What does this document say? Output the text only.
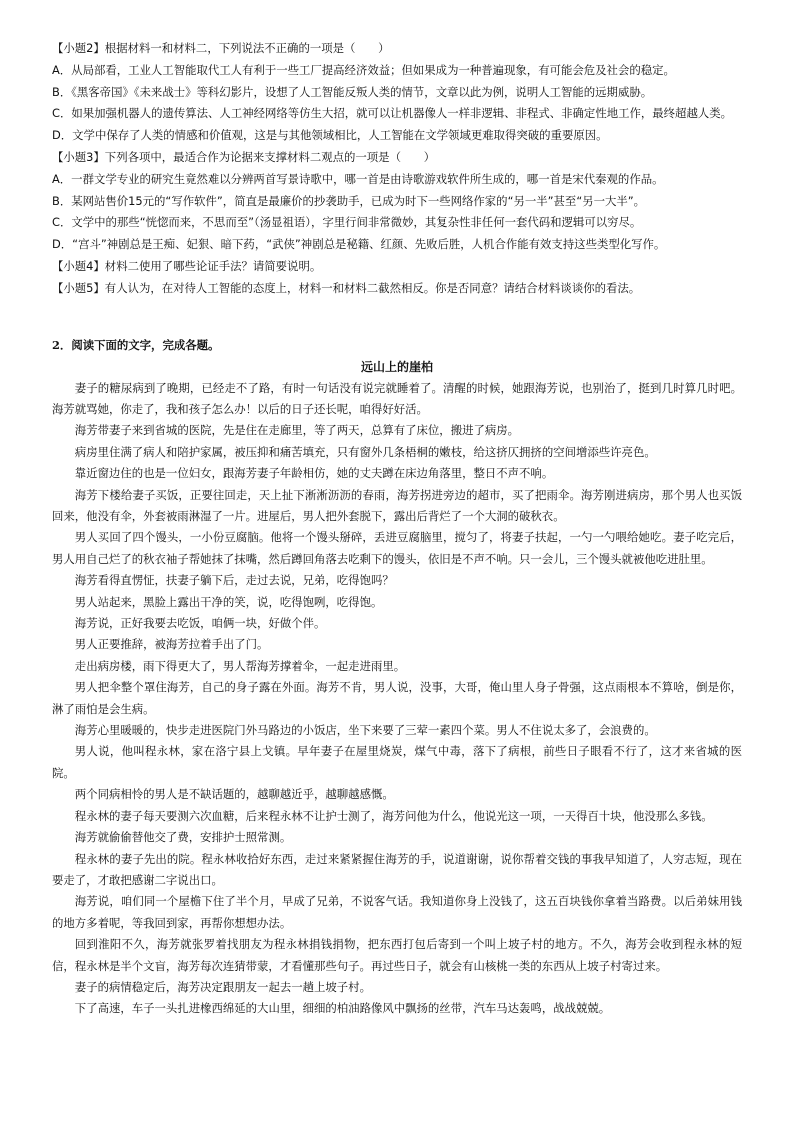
【小题2】根据材料一和材料二，下列说法不正确的一项是（　　）
A．从局部看，工业人工智能取代工人有利于一些工厂提高经济效益；但如果成为一种普遍现象，有可能会危及社会的稳定。
B．《黑客帝国》《未来战士》等科幻影片，设想了人工智能反叛人类的情节，文章以此为例，说明人工智能的远期威胁。
C．如果加强机器人的遗传算法、人工神经网络等仿生大招，就可以让机器像人一样非逻辑、非程式、非确定性地工作，最终超越人类。
D．文学中保存了人类的情感和价值观，这是与其他领域相比，人工智能在文学领域更难取得突破的重要原因。
【小题3】下列各项中，最适合作为论据来支撑材料二观点的一项是（　　）
A．一群文学专业的研究生竟然难以分辨两首写景诗歌中，哪一首是由诗歌游戏软件所生成的，哪一首是宋代秦观的作品。
B．某网站售价15元的“写作软件”，简直是最廉价的抄袭助手，已成为时下一些网络作家的“另一半”甚至“另一大半”。
C．文学中的那些“恍惚而来，不思而至”（汤显祖语），字里行间非常微妙，其复杂性非任何一套代码和逻辑可以穷尽。
D．“宫斗”神剧总是王痴、妃狠、暗下药，“武侠”神剧总是秘籍、红颜、先败后胜，人机合作能有效支持这些类型化写作。
【小题4】材料二使用了哪些论证手法？请简要说明。
【小题5】有人认为，在对待人工智能的态度上，材料一和材料二截然相反。你是否同意？请结合材料谈谈你的看法。
2．阅读下面的文字，完成各题。
远山上的崖柏
妻子的糖尿病到了晚期，已经走不了路，有时一句话没有说完就睡着了。清醒的时候，她跟海芳说，也别治了，挺到几时算几时吧。海芳就骂她，你走了，我和孩子怎么办！以后的日子还长呢，咱得好好活。
海芳带妻子来到省城的医院，先是住在走廊里，等了两天，总算有了床位，搬进了病房。
病房里住满了病人和陪护家属，被压抑和痛苦填充，只有窗外几条梧桐的嫩枝，给这挤仄拥挤的空间增添些许亮色。
靠近窗边住的也是一位妇女，跟海芳妻子年龄相仿，她的丈夫蹲在床边角落里，整日不声不响。
海芳下楼给妻子买饭，正要往回走，天上扯下淅淅沥沥的春雨，海芳拐进旁边的超市，买了把雨伞。海芳刚进病房，那个男人也买饭回来，他没有伞，外套被雨淋湿了一片。进屋后，男人把外套脱下，露出后背烂了一个大洞的破秋衣。
男人买回了四个馒头，一小份豆腐脑。他将一个馒头掰碎，丢进豆腐脑里，搅匀了，将妻子扶起，一勺一勺喂给她吃。妻子吃完后，男人用自己烂了的秋衣袖子帮她抹了抹嘴，然后蹲回角落去吃剩下的馒头，依旧是不声不响。只一会儿，三个馒头就被他吃进肚里。
海芳看得直愣怔，扶妻子躺下后，走过去说，兄弟，吃得饱吗？
男人站起来，黑脸上露出干净的笑，说，吃得饱咧，吃得饱。
海芳说，正好我要去吃饭，咱俩一块，好做个伴。
男人正要推辞，被海芳拉着手出了门。
走出病房楼，雨下得更大了，男人帮海芳撑着伞，一起走进雨里。
男人把伞整个罩住海芳，自己的身子露在外面。海芳不肯，男人说，没事，大哥，俺山里人身子骨强，这点雨根本不算啥，倒是你，淋了雨怕是会生病。
海芳心里暖暖的，快步走进医院门外马路边的小饭店，坐下来要了三荤一素四个菜。男人不住说太多了，会浪费的。
男人说，他叫程永林，家在洛宁县上戈镇。早年妻子在屋里烧炭，煤气中毒，落下了病根，前些日子眼看不行了，这才来省城的医院。
两个同病相怜的男人是不缺话题的，越聊越近乎，越聊越感慨。
程永林的妻子每天要测六次血糖，后来程永林不让护士测了，海芳问他为什么，他说光这一项，一天得百十块，他没那么多钱。
海芳就偷偷替他交了费，安排护士照常测。
程永林的妻子先出的院。程永林收拾好东西，走过来紧紧握住海芳的手，说道谢谢，说你帮着交钱的事我早知道了，人穷志短，现在要走了，才敢把感谢二字说出口。
海芳说，咱们同一个屋檐下住了半个月，早成了兄弟，不说客气话。我知道你身上没钱了，这五百块钱你拿着当路费。以后弟妹用钱的地方多着呢，等我回到家，再帮你想想办法。
回到淮阳不久，海芳就张罗着找朋友为程永林捐钱捐物，把东西打包后寄到一个叫上坡子村的地方。不久，海芳会收到程永林的短信，程永林是半个文盲，海芳每次连猜带蒙，才看懂那些句子。再过些日子，就会有山核桃一类的东西从上坡子村寄过来。
妻子的病情稳定后，海芳决定跟朋友一起去一趟上坡子村。
下了高速，车子一头扎进橡西绵延的大山里，细细的柏油路像风中飘扬的丝带，汽车马达轰鸣，战战兢兢。
